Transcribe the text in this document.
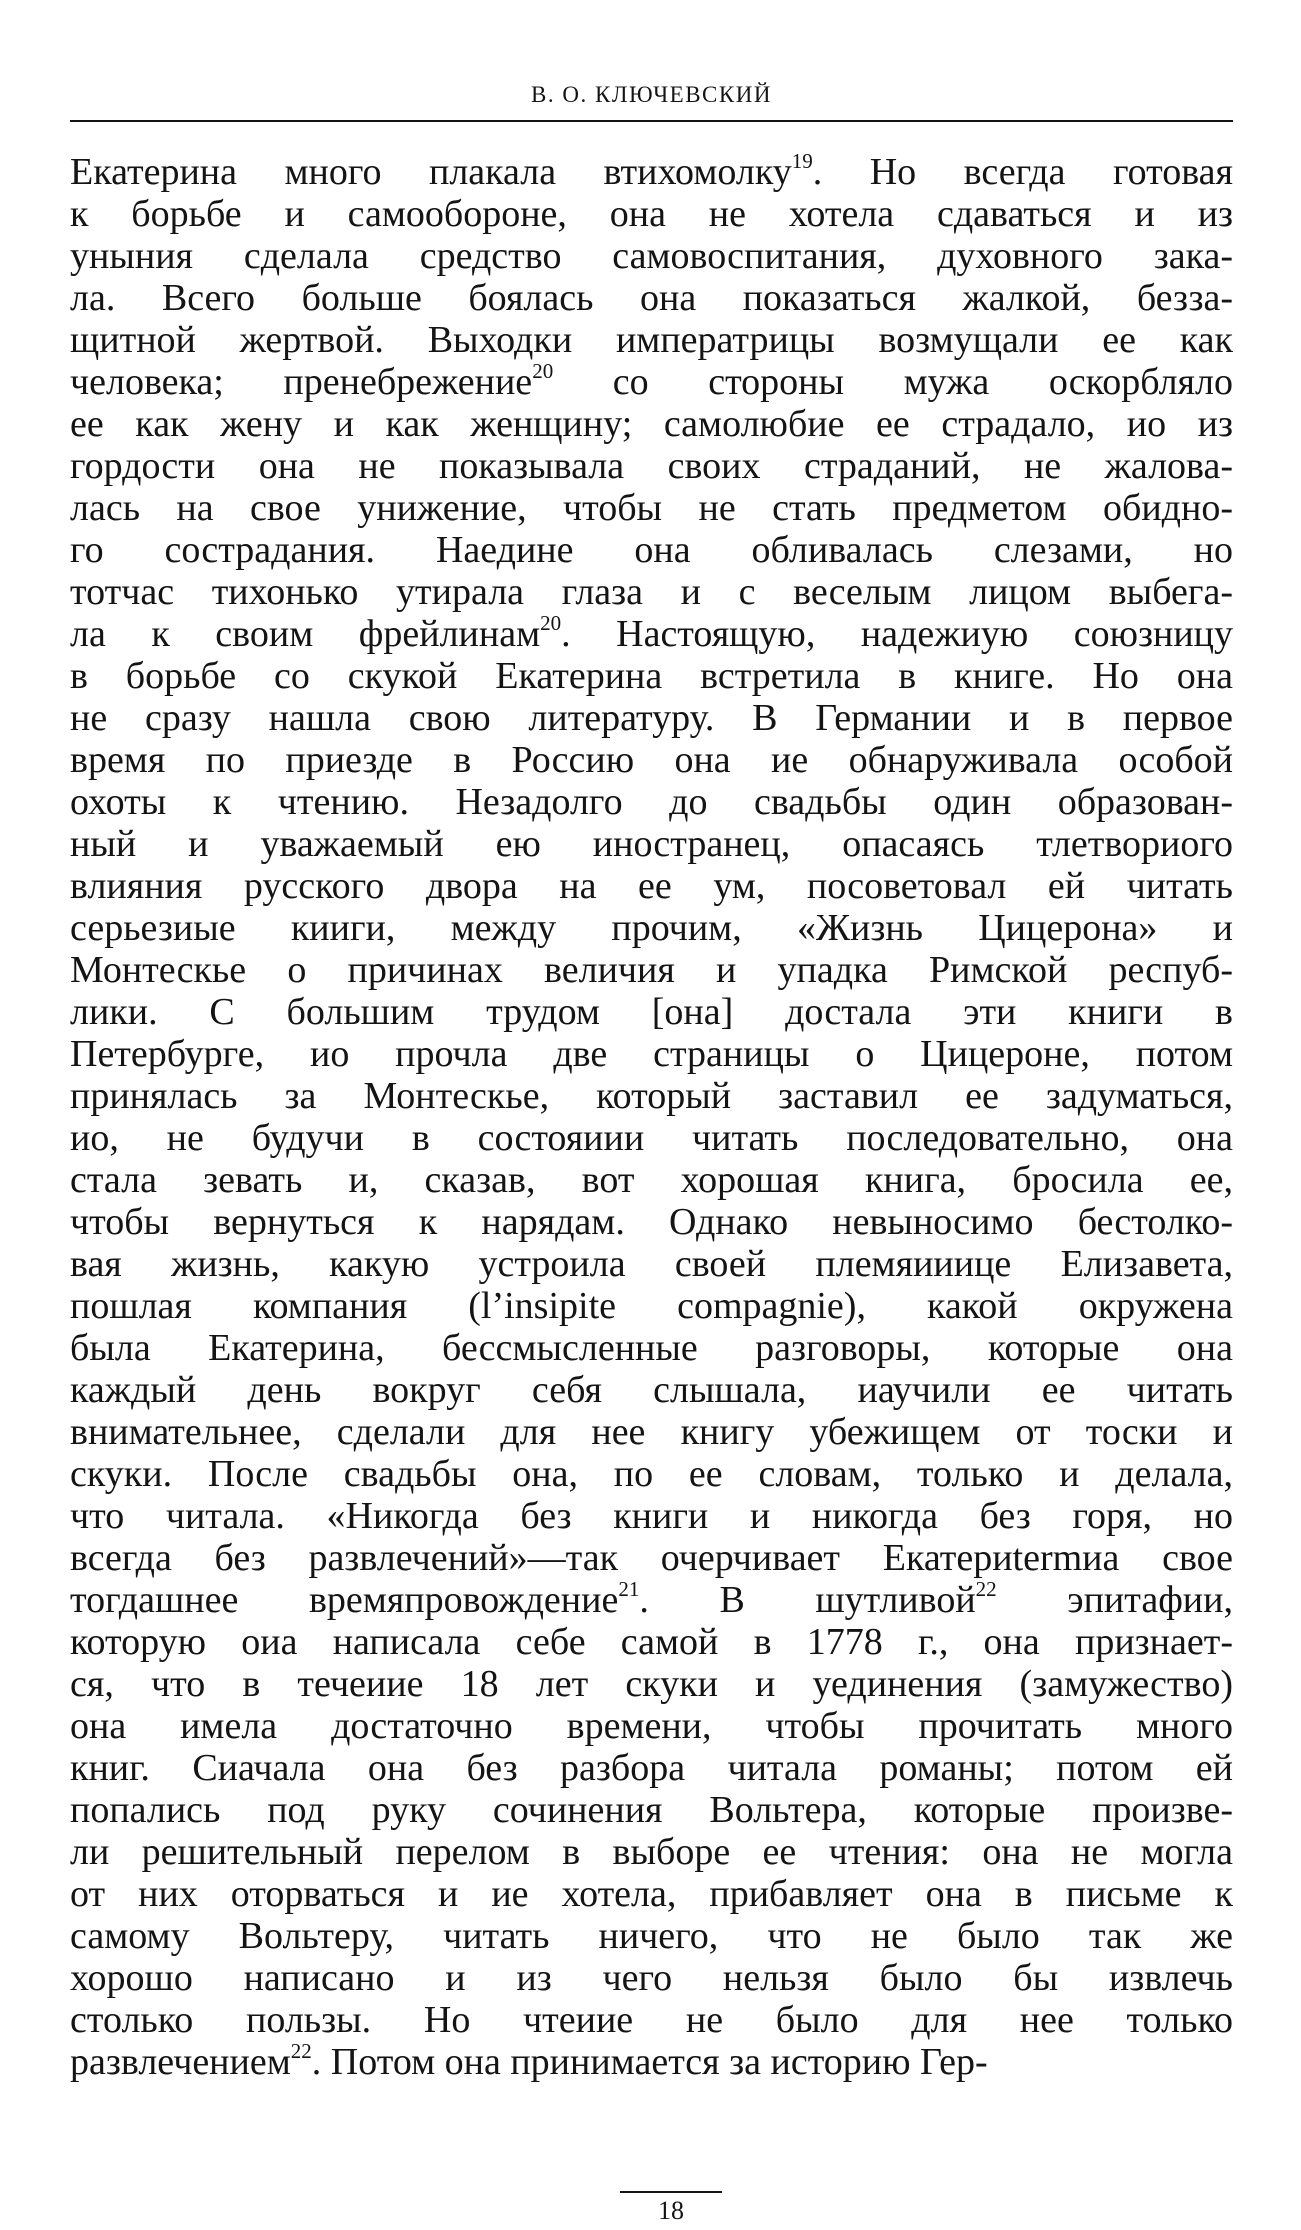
В. О. КЛЮЧЕВСКИЙ
Екатерина много плакала втихомолку$^{19}$. Но всегда готовая
к борьбе и самообороне, она не хотела сдаваться и из
уныния сделала средство самовоспитания, духовного зака-
ла. Всего больше боялась она показаться жалкой, безза-
щитной жертвой. Выходки императрицы возмущали ее как
человека; пренебрежение$^{20}$ со стороны мужа оскорбляло
ее как жену и как женщину; самолюбие ее страдало, ио из
гордости она не показывала своих страданий, не жалова-
лась на свое унижение, чтобы не стать предметом обидно-
го сострадания. Наедине она обливалась слезами, но
тотчас тихонько утирала глаза и с веселым лицом выбега-
ла к своим фрейлинам$^{20}$. Настоящую, надежиую союзницу
в борьбе со скукой Екатерина встретила в книге. Но она
не сразу нашла свою литературу. В Германии и в первое
время по приезде в Россию она ие обнаруживала особой
охоты к чтению. Незадолго до свадьбы один образован-
ный и уважаемый ею иностранец, опасаясь тлетвориого
влияния русского двора на ее ум, посоветовал ей читать
серьезиые кииги, между прочим, «Жизнь Цицерона» и
Монтескье о причинах величия и упадка Римской респуб-
лики. С большим трудом [она] достала эти книги в
Петербурге, ио прочла две страницы о Цицероне, потом
принялась за Монтескье, который заставил ее задуматься,
ио, не будучи в состояиии читать последовательно, она
стала зевать и, сказав, вот хорошая книга, бросила ее,
чтобы вернуться к нарядам. Однако невыносимо бестолко-
вая жизнь, какую устроила своей племяииице Елизавета,
пошлая компания (l’insipite compagnie), какой окружена
была Екатерина, бессмысленные разговоры, которые она
каждый день вокруг себя слышала, иаучили ее читать
внимательнее, сделали для нее книгу убежищем от тоски и
скуки. После свадьбы она, по ее словам, только и делала,
что читала. «Никогда без книги и никогда без горя, но
всегда без развлечений»—так очерчивает Екатериtermиа свое
тогдашнее времяпровождение$^{21}$. В шутливой$^{22}$ эпитафии,
которую оиа написала себе самой в 1778 г., она признает-
ся, что в течеиие 18 лет скуки и уединения (замужество)
она имела достаточно времени, чтобы прочитать много
книг. Сиачала она без разбора читала романы; потом ей
попались под руку сочинения Вольтера, которые произве-
ли решительный перелом в выборе ее чтения: она не могла
от них оторваться и ие хотела, прибавляет она в письме к
самому Вольтеру, читать ничего, что не было так же
хорошо написано и из чего нельзя было бы извлечь
столько пользы. Но чтеиие не было для нее только
развлечением$^{22}$. Потом она принимается за историю Гер-
18
